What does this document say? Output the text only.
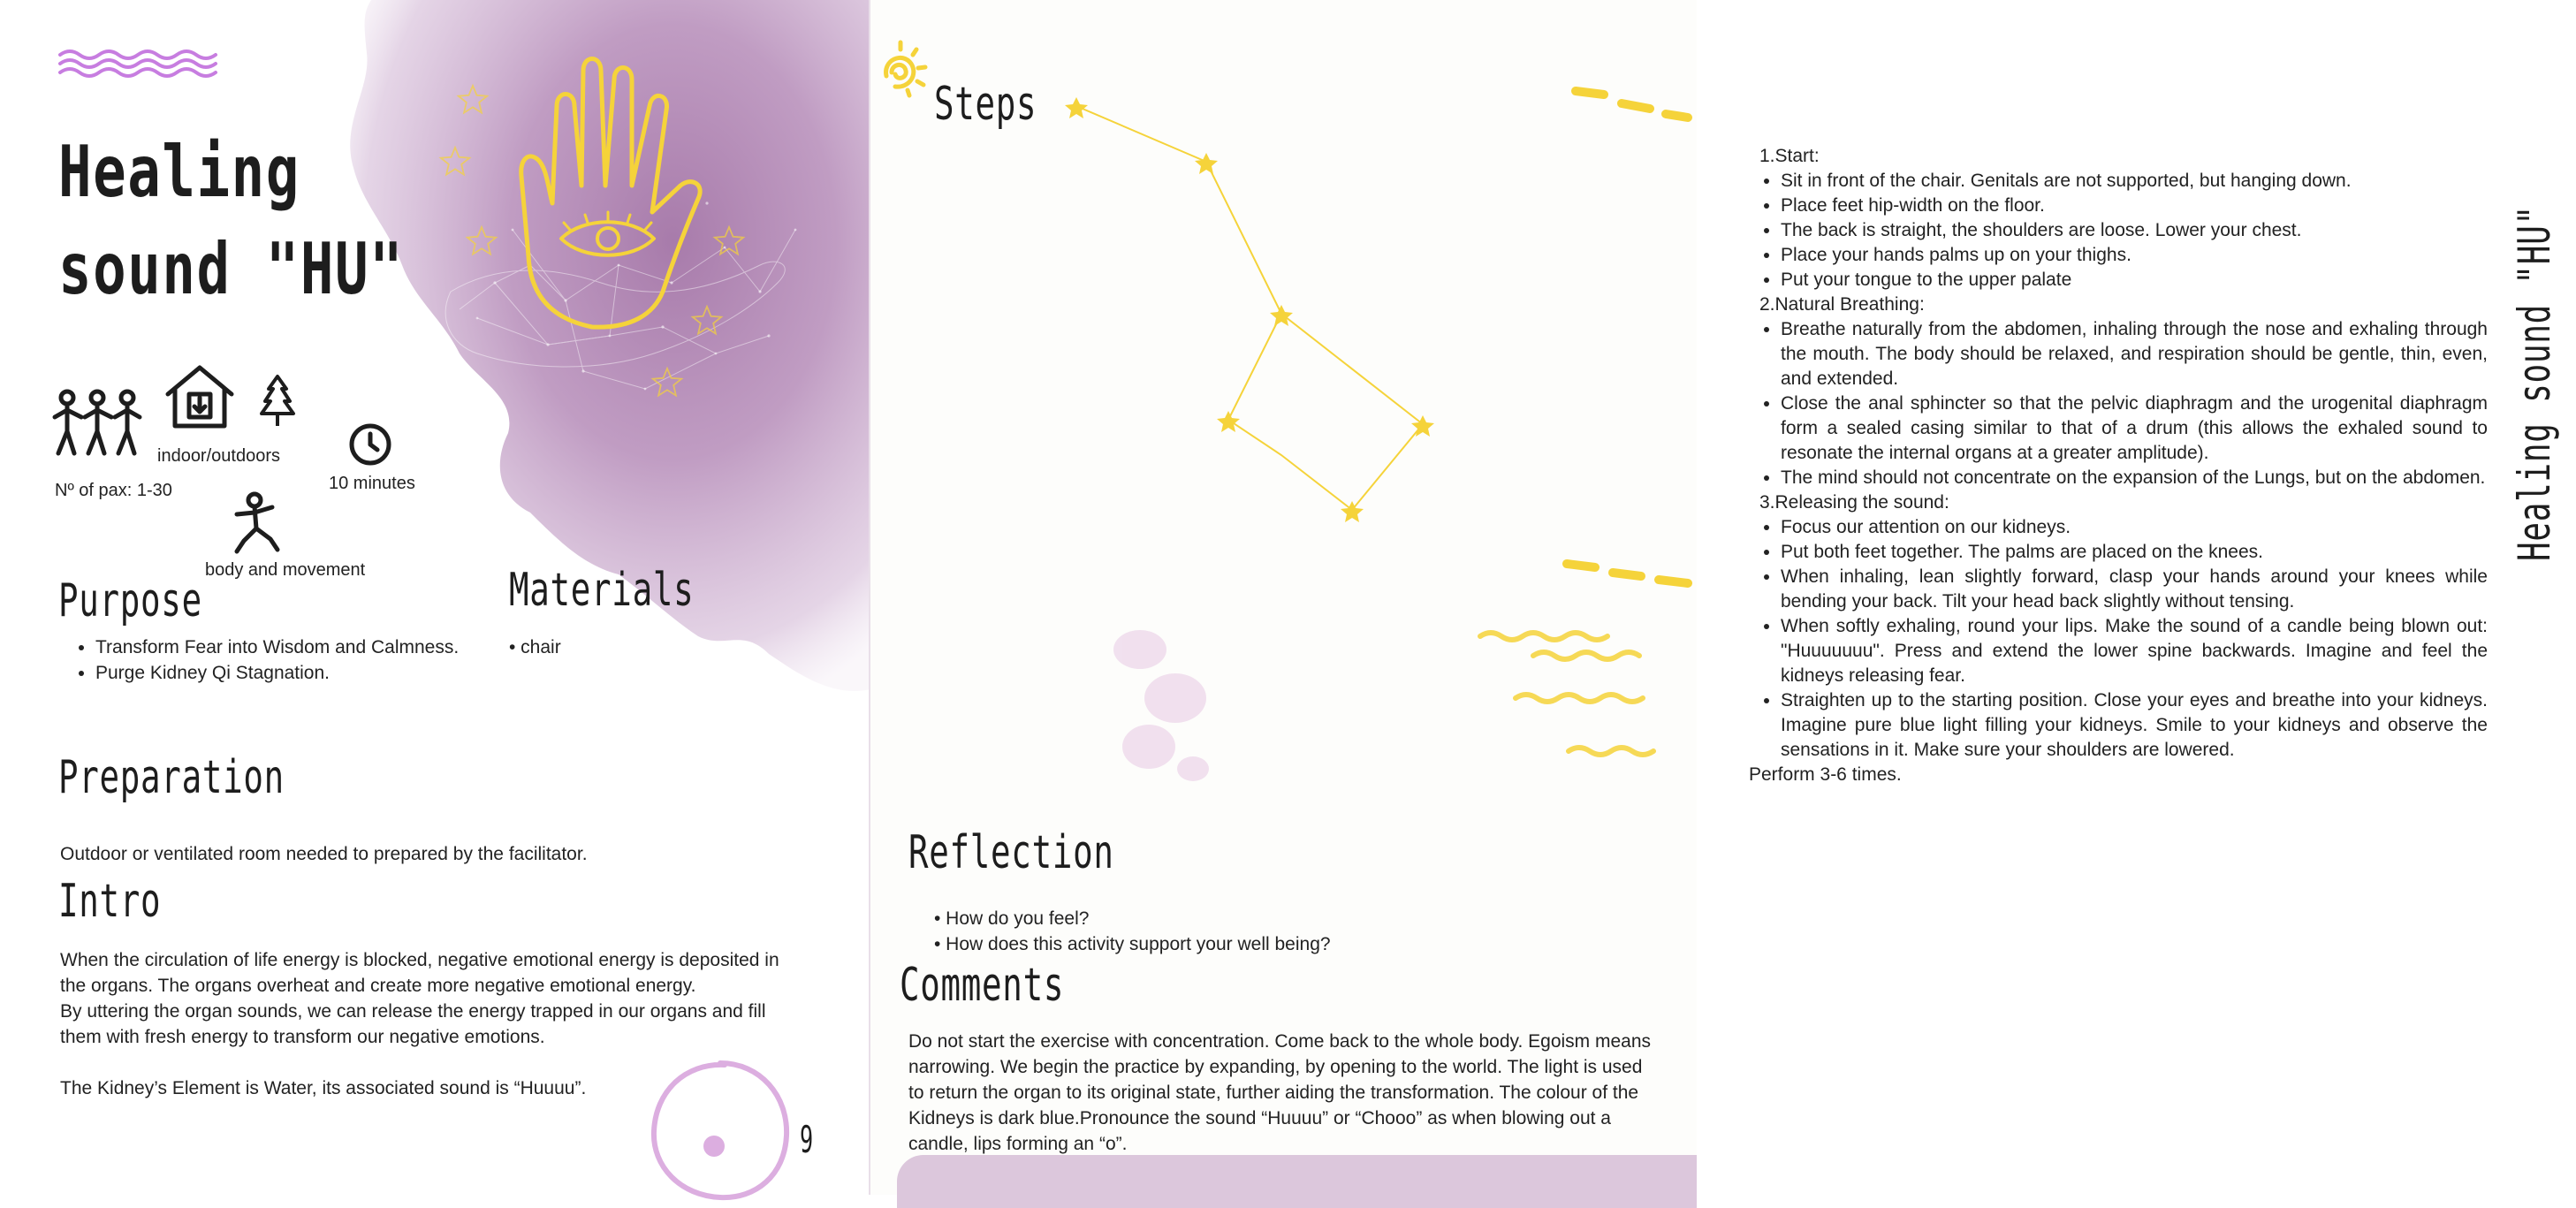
Healing
sound "HU"
Nº of pax: 1-30
indoor/outdoors
10 minutes
body and movement
Purpose
• Transform Fear into Wisdom and Calmness.
• Purge Kidney Qi Stagnation.
Materials
• chair
Preparation
Outdoor or ventilated room needed to prepared by the facilitator.
Intro
When the circulation of life energy is blocked, negative emotional energy is deposited in the organs. The organs overheat and create more negative emotional energy.
By uttering the organ sounds, we can release the energy trapped in our organs and fill them with fresh energy to transform our negative emotions.
The Kidney’s Element is Water, its associated sound is “Huuuu”.
9
Steps
Healing sound "HU"
1.Start:
• Sit in front of the chair. Genitals are not supported, but hanging down.
• Place feet hip-width on the floor.
• The back is straight, the shoulders are loose. Lower your chest.
• Place your hands palms up on your thighs.
• Put your tongue to the upper palate
2.Natural Breathing:
• Breathe naturally from the abdomen, inhaling through the nose and exhaling through the mouth. The body should be relaxed, and respiration should be gentle, thin, even, and extended.
• Close the anal sphincter so that the pelvic diaphragm and the urogenital diaphragm form a sealed casing similar to that of a drum (this allows the exhaled sound to resonate the internal organs at a greater amplitude).
• The mind should not concentrate on the expansion of the Lungs, but on the abdomen.
3.Releasing the sound:
• Focus our attention on our kidneys.
• Put both feet together. The palms are placed on the knees.
• When inhaling, lean slightly forward, clasp your hands around your knees while bending your back. Tilt your head back slightly without tensing.
• When softly exhaling, round your lips. Make the sound of a candle being blown out: "Huuuuuuu". Press and extend the lower spine backwards. Imagine and feel the kidneys releasing fear.
• Straighten up to the starting position. Close your eyes and breathe into your kidneys. Imagine pure blue light filling your kidneys. Smile to your kidneys and observe the sensations in it. Make sure your shoulders are lowered.
Perform 3-6 times.
Reflection
• How do you feel?
• How does this activity support your well being?
Comments
Do not start the exercise with concentration. Come back to the whole body. Egoism means narrowing. We begin the practice by expanding, by opening to the world. The light is used to return the organ to its original state, further aiding the transformation. The colour of the Kidneys is dark blue.Pronounce the sound “Huuuu” or “Chooo” as when blowing out a candle, lips forming an “o”.
